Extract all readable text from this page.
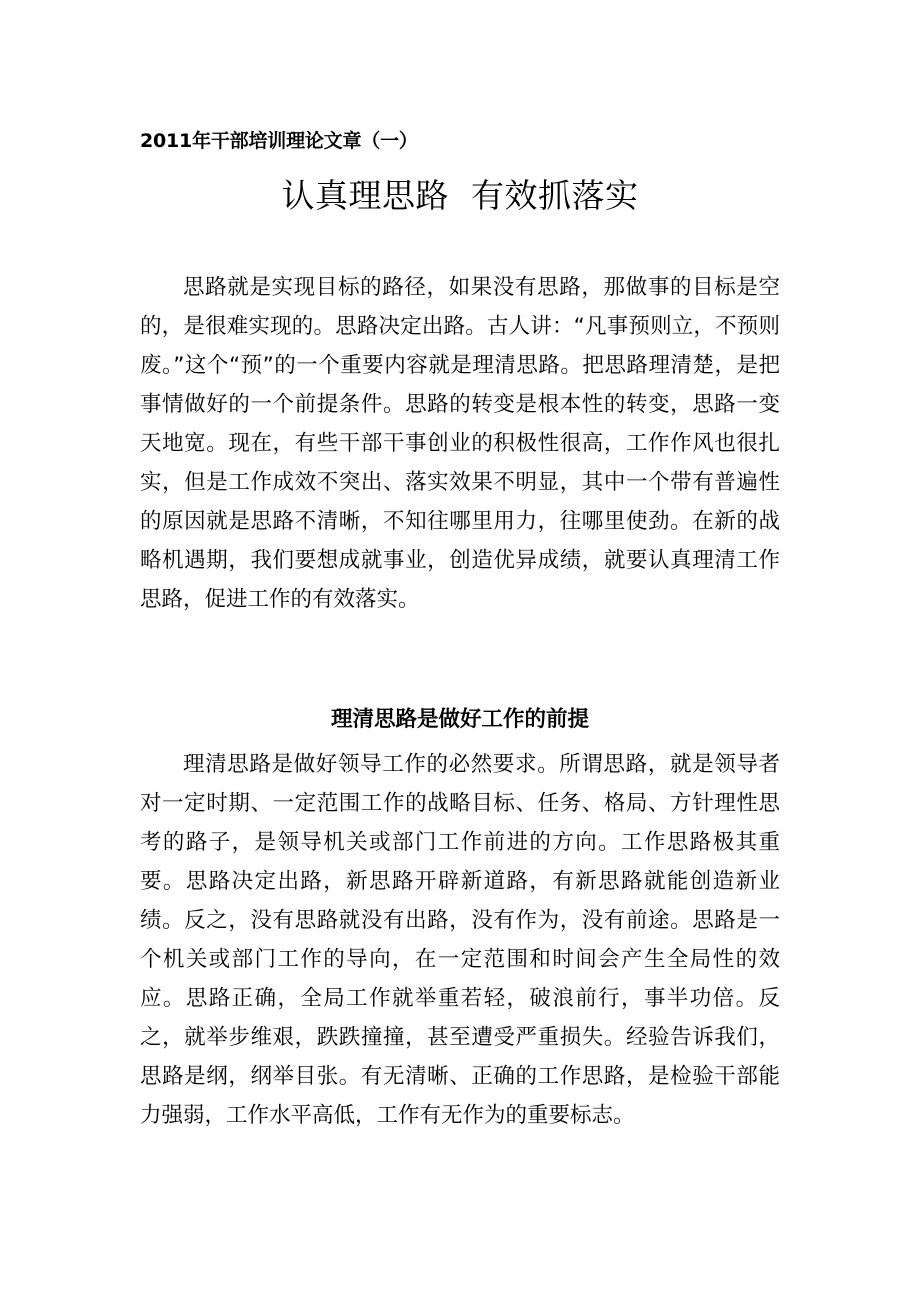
2011年干部培训理论文章（一）
认真理思路  有效抓落实

思路就是实现目标的路径，如果没有思路，那做事的目标是空的，是很难实现的。思路决定出路。古人讲：“凡事预则立，不预则废。”这个“预”的一个重要内容就是理清思路。把思路理清楚，是把事情做好的一个前提条件。思路的转变是根本性的转变，思路一变天地宽。现在，有些干部干事创业的积极性很高，工作作风也很扎实，但是工作成效不突出、落实效果不明显，其中一个带有普遍性的原因就是思路不清晰，不知往哪里用力，往哪里使劲。在新的战略机遇期，我们要想成就事业，创造优异成绩，就要认真理清工作思路，促进工作的有效落实。

理清思路是做好工作的前提

理清思路是做好领导工作的必然要求。所谓思路，就是领导者对一定时期、一定范围工作的战略目标、任务、格局、方针理性思考的路子，是领导机关或部门工作前进的方向。工作思路极其重要。思路决定出路，新思路开辟新道路，有新思路就能创造新业绩。反之，没有思路就没有出路，没有作为，没有前途。思路是一个机关或部门工作的导向，在一定范围和时间会产生全局性的效应。思路正确，全局工作就举重若轻，破浪前行，事半功倍。反之，就举步维艰，跌跌撞撞，甚至遭受严重损失。经验告诉我们，思路是纲，纲举目张。有无清晰、正确的工作思路，是检验干部能力强弱，工作水平高低，工作有无作为的重要标志。
